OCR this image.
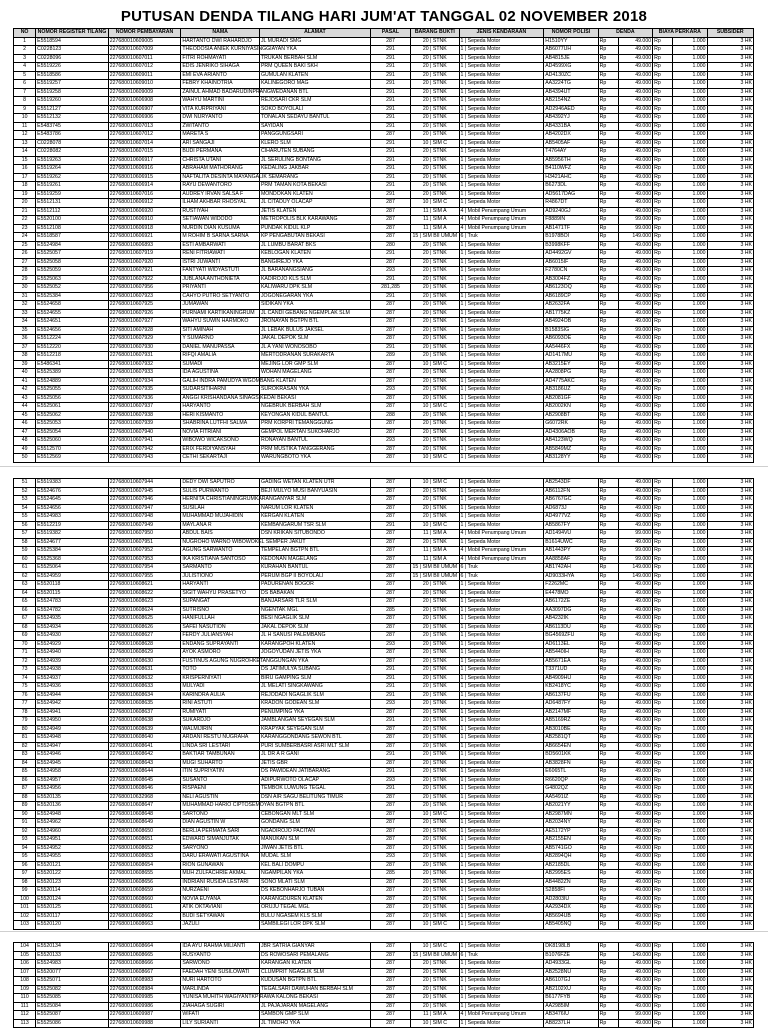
PUTUSAN DENDA TILANG HARI JUM'AT TANGGAL 02 NOVEMBER 2018
NO	NOMOR REGISTER TILANG	NOMOR PEMBAYARAN	NAMA	ALAMAT	PASAL	BARANG BUKTI	JENIS KENDARAAN	NOMOR POLISI	DENDA		BIAYA PERKARA		SUBSIDER
1	E5518594	227680010609005	HARTANTO DWI RAHARDJO	JL MURADI SMG	287	20 | STNK	1 | Sepeda Motor	H1510YY	Rp	49.000	Rp	1.000	3 HK
2	C0228123	227680010607009	THEODOSIA ANIEK KURNIYASINGGIAYAN YKA		291	20 | STNK	1 | Sepeda Motor	AB6077UH	Rp	49.000	Rp	1.000	3 HK
3	C0228096	227680010607011	FITRI ROHMAYATI	TRUKAN BERBAH SLM	291	20 | STNK	1 | Sepeda Motor	AB4815JE	Rp	49.000	Rp	1.000	3 HK
4	E5519226	227680010607012	EDIS JENRIKO SIHAGA	PRM QUEEN BAKI SKH	291	20 | STNK	1 | Sepeda Motor	AD4599XG	Rp	49.000	Rp	1.000	3 HK
5	E5518586	227680010609011	EMI EVA ARIANTO	GUMULAN KLATEN	291	20 | STNK	1 | Sepeda Motor	AD4130ZC	Rp	49.000	Rp	1.000	3 HK
6	E5519257	227680010609010	FEBRY KHAINOTRIA	KALINEGORO MAG	291	20 | STNK	1 | Sepeda Motor	AA3224TG	Rp	49.000	Rp	1.000	3 HK
7	E5519258	227680010609009	ZAINUL AHMAD BADARUDINPRANGWEDANAN BTL		291	20 | STNK	1 | Sepeda Motor	AB4394UT	Rp	49.000	Rp	1.000	3 HK
8	E5519260	227680010606908	WAHYU MARTINI	REJOSARI CKR SLM	291	20 | STNK	1 | Sepeda Motor	AB2154NZ	Rp	49.000	Rp	1.000	3 HK
9	E5512127	227680010606907	VITA KURPRIYANI	SOKO BOYOLALI	291	20 | STNK	1 | Sepeda Motor	AD2946AED	Rp	49.000	Rp	1.000	3 HK
10	E5512132	227680010606906	DWI NURYANTO	TONALAN SEDAYU BANTUL	291	20 | STNK	1 | Sepeda Motor	AB4392YJ	Rp	49.000	Rp	1.000	3 HK
11	E5483745	227680010607013	ZWITANTO	SAYIDAN	291	20 | STNK	1 | Sepeda Motor	AB4331BA	Rp	49.000	Rp	1.000	3 HK
12	E5483786	227680010607012	MARETA S	PANGGUNGSARI	287	20 | STNK	1 | Sepeda Motor	AB4202DX	Rp	49.000	Rp	1.000	3 HK
13	C0228078	227680010607014	ARI SANGAJI	KLERO SLM	291	10 | SIM C	1 | Sepeda Motor	AB5405AF	Rp	49.000	Rp	1.000	3 HK
14	C0228082	227680010607015	BUDI PERMANA	CIHARUTEN SUBANG	291	20 | STNK	1 | Sepeda Motor	T4764AY	Rp	49.000	Rp	1.000	3 HK
15	E5519263	227680010606917	CHRISTA UTANI	JL SERULING BONTANG	291	20 | STNK	1 | Sepeda Motor	AB5956TH	Rp	49.000	Rp	1.000	3 HK
16	E5519264	227680010606916	ABRAHAM MATHORANG	KEDALING JAKBAR	291	20 | STNK	1 | Sepeda Motor	B4110WFZ	Rp	49.000	Rp	1.000	3 HK
17	E5519262	227680010606915	NAFTALITA DESINTA MAYANGALIK SEMARANG		291	20 | STNK	1 | Sepeda Motor	H3421AHC	Rp	49.000	Rp	1.000	3 HK
18	E5519261	227680010606914	RAYU DEWANTORO	PRM TAMAN KOTA BEKASI	291	20 | STNK	1 | Sepeda Motor	B6273DL	Rp	49.000	Rp	1.000	3 HK
19	E5519259	227680010607016	AUDREY IRVAN SALSA F	MONDOKAN KLATEN	291	20 | STNK	1 | Sepeda Motor	AD5617DAG	Rp	49.000	Rp	1.000	3 HK
20	E5512131	227680010606912	ILHAM AKHBAR RHOSYAL	JL CITADUY OLACAP	287	10 | SIM C	1 | Sepeda Motor	R4867DT	Rp	49.000	Rp	1.000	3 HK
21	E5512112	227680010606920	RUSTIYAH	JETIS KLATEN	287	11 | SIM A	4 | Mobil Penumpang Umum	AD9240GJ	Rp	49.000	Rp	1.000	3 HK
22	E5520100	227680010606910	SETIAWAN WIDODO	METROPOLIS BLK KARAWANG	287	11 | SIM A	4 | Mobil Penumpang Umum	F8889IN	Rp	99.000	Rp	1.000	3 HK
23	E5512108	227680010606918	NURDIN DIAN KUSUMA	PUNDAK KIDUL KLP	287	11 | SIM A	4 | Mobil Penumpang Umum	AB1471TF	Rp	99.000	Rp	1.000	3 HK
24	E5518587	227680010606921	M ROHIM B SARNA SARNA	KP PENGABUTAN BEKASI	287	15 | SIM BII UMUM	6 | Truk	B1978BOI	Rp	149.000	Rp	1.000	3 HK
25	E5524984	227680010606893	ESTI AMBARWATI	JL LUMBU BARAT BKS	280	20 | STNK	1 | Sepeda Motor	B3998KFF	Rp	49.000	Rp	1.000	3 HK
26	E5525057	227680010607919	RENI FITRIAWATI	KEBLOGAN KLATEN	291	20 | STNK	1 | Sepeda Motor	AD4492GV	Rp	49.000	Rp	1.000	3 HK
27	E5525058	227680010607920	ISTRI JUWANTI	BANGIREJO YKA	287	20 | STNK	1 | Sepeda Motor	AB6015IF	Rp	49.000	Rp	1.000	3 HK
28	E5525059	227680010607921	FANTYATI WIDYASTUTI	JL BARANANGSIANG	293	20 | STNK	1 | Sepeda Motor	F2780CN	Rp	49.000	Rp	1.000	3 HK
29	E5525063	227680010607922	JUBLANA ANTHONIETA	KADIROJO KLS SLM	291	20 | STNK	1 | Sepeda Motor	AB3004FZ	Rp	49.000	Rp	1.000	3 HK
30	E5525052	227680010607956	PRIYANTI	KALIWARU DPK SLM	281,285	20 | STNK	1 | Sepeda Motor	AB6123OQ	Rp	49.000	Rp	1.000	3 HK
31	E5525384	227680010607923	CAHYO PUTRO SETYANTO	JOGONEGARAN YKA	291	20 | STNK	1 | Sepeda Motor	AB6189CP	Rp	49.000	Rp	1.000	3 HK
32	E5524658	227680010607925	JUMAWAN	SIDIKAN YKA	287	20 | STNK	1 | Sepeda Motor	AB2632FA	Rp	49.000	Rp	1.000	3 HK
33	E5524655	227680010607926	PURNAMI KARTIKANINGRUM	JL CANDI GEBANG NGEMPLAK SLM	287	20 | STNK	1 | Sepeda Motor	AB1775KZ	Rp	49.000	Rp	1.000	3 HK
34	E5524651	227680010607927	WAHYU SUWIN HARMOKO	JRONAYAN BGTPN BTL	287	20 | STNK	1 | Sepeda Motor	AB4924OB	Rp	49.000	Rp	1.000	3 HK
35	E5524656	227680010607928	SITI AMINAH	JL LEBAK BULUS JAKSEL	287	20 | STNK	1 | Sepeda Motor	B1583SIG	Rp	99.000	Rp	1.000	3 HK
36	E5512224	227680010607929	Y SUMARNO	JAKAL DEPOK SLM	287	20 | STNK	1 | Sepeda Motor	AB6093OE	Rp	49.000	Rp	1.000	3 HK
37	E5512220	227680010607930	DANIEL MANUPASSA	JL A YANI WONOSOBO	291	20 | STNK	1 | Sepeda Motor	AA5446FX	Rp	49.000	Rp	1.000	3 HK
38	E5512218	227680010607931	RIFQI AMALIA	MERTODRANAN SURAKARTA	289	20 | STNK	1 | Sepeda Motor	AD1417MU	Rp	49.000	Rp	1.000	3 HK
39	E5486341	227680010607932	SUMADI	MEJING LOR GMP SLM	287	10 | SIM C	1 | Sepeda Motor	AB3215EY	Rp	49.000	Rp	1.000	3 HK
40	E5525389	227680010607933	IDA AGUSTINA	WOHAN MAGELANG	287	20 | STNK	1 | Sepeda Motor	AA2808PG	Rp	49.000	Rp	1.000	3 HK
41	E5524889	227680010607934	GALIH INDRA PAMUDYA WGOMBANG KLATEN		287	20 | STNK	1 | Sepeda Motor	AD4775AKC	Rp	49.000	Rp	1.000	3 HK
42	E5525055	227680010607935	SUDARSITIHARNI	SUROKRASAN YKA	293	20 | STNK	1 | Sepeda Motor	AB3186UZ	Rp	49.000	Rp	1.000	3 HK
43	E5525056	227680010607936	ANGGI KRISHANDANA SINAGS KEDAI BEKASI		287	20 | STNK	1 | Sepeda Motor	AB2081GF	Rp	49.000	Rp	1.000	3 HK
44	E5525061	227680010607937	HARYANTO	NGEBRUK BERBAH SLM	287	10 | SIM C	1 | Sepeda Motor	AB2002KN	Rp	49.000	Rp	1.000	3 HK
45	E5525062	227680010607938	HERI KISMANTO	KEYONGAN KIDUL BANTUL	288	20 | STNK	1 | Sepeda Motor	AB2908BT	Rp	49.000	Rp	1.000	3 HK
46	E5525053	227680010607939	SHABRINA LUTFHI SALMA	PRM KORPRI TEMANGGUNG	287	20 | STNK	1 | Sepeda Motor	G6072RK	Rp	49.000	Rp	1.000	3 HK
47	E5525054	227680010607940	NOVIA FITRIANI	GEMPOL MERTAN SUKOHARJO	287	20 | STNK	1 | Sepeda Motor	AD4306AOB	Rp	49.000	Rp	1.000	3 HK
48	E5525060	227680010607941	WIBOWO WICAKSONO	RONAYAN BANTUL	293	20 | STNK	1 | Sepeda Motor	AB4123WQ	Rp	49.000	Rp	1.000	3 HK
49	E5512570	227680010607942	ERIX FERDIYANSYAH	PRM MUSTIKA TANGGERANG	287	20 | STNK	1 | Sepeda Motor	AB5849MZ	Rp	49.000	Rp	1.000	3 HK
50	E5512569	227680010607943	CETHI SEKARTAJI	WARUNGBOTO YKA	287	10 | SIM C	1 | Sepeda Motor	AB3128YY	Rp	49.000	Rp	1.000	3 HK
51	E5519383	227680010607944	DEDY DWI SAPUTRO	GADING WETAN KLATEN UTR	287	10 | SIM C	1 | Sepeda Motor	AB2543DF	Rp	49.000	Rp	1.000	3 HK
52	E5524676	227680010607945	SULIS PURWANTO	BEJI MULYO MUSI BANYUASIN	287	20 | STNK	1 | Sepeda Motor	AB6112FN	Rp	49.000	Rp	1.000	3 HK
53	E5524645	227680010607946	HERNITA CHRISTIANINGRUMKARANGANYAR SLM		287	20 | STNK	1 | Sepeda Motor	AB6767GC	Rp	49.000	Rp	1.000	3 HK
54	E5524656	227680010607947	SUSILAH	NARUM LOR KLATEN	287	20 | STNK	1 | Sepeda Motor	AD6873J	Rp	49.000	Rp	1.000	3 HK
55	E5524983	227680010607948	MUHAMMAD MUJAHIDIN	KERGAN KLATEN	287	20 | STNK	1 | Sepeda Motor	AD4977VZ	Rp	49.000	Rp	1.000	3 HK
56	E5512219	227680010607949	MAYLANA R	KEMBANGARUM TSR SLM	291	10 | SIM C	1 | Sepeda Motor	AB5867FY	Rp	49.000	Rp	1.000	3 HK
57	E5519382	227680010607950	ABDUL BAIS	DSN KRIKAN SITUBONDO	287	11 | SIM A	4 | Mobil Penumpang Umum	AD1494VU	Rp	99.000	Rp	1.000	3 HK
58	E5524677	227680010607951	NUGROHO WARNO WIBOWOKEL SEMPER JAKUT		287	20 | STNK	1 | Sepeda Motor	B1614UWC	Rp	49.000	Rp	1.000	3 HK
59	E5525384	227680010607952	AGUNG SARWANTO	TEMPELAN BGTPN BTL	287	11 | SIM A	4 | Mobil Penumpang Umum	AB1443PY	Rp	99.000	Rp	1.000	3 HK
60	E5525368	227680010607953	IKA KRISTIANA SANTOSO	KEDONAN MAGELANG	287	11 | SIM A	4 | Mobil Penumpang Umum	AA8858AF	Rp	99.000	Rp	1.000	3 HK
61	E5525064	227680010607954	SARMANTO	KURAHAN BANTUL	287	15 | SIM BII UMUM	6 | Truk	AB1742AH	Rp	149.000	Rp	1.000	3 HK
62	E5524959	227680010607955	JULISTIONO	PERUM BGP II BOYOLALI	287	15 | SIM BII UMUM	6 | Truk	AD9033HYA	Rp	149.000	Rp	1.000	3 HK
63	E5520118	227680010608621	HARYANTI	PADURENAN BOGOR	287	20 | STNK	1 | Sepeda Motor	F2262MC	Rp	49.000	Rp	1.000	3 HK
64	E5520115	227680010608622	SIGIT WAHYU PRASETYO	DS BABAKAN	287	20 | STNK	1 | Sepeda Motor	E4478MO	Rp	49.000	Rp	1.000	3 HK
65	E5524783	227680010608623	SUPANGAT	BANJARSARI TLR SLM	287	20 | STNK	1 | Sepeda Motor	AB6172ZE	Rp	49.000	Rp	1.000	3 HK
66	E5524782	227680010608624	SUTRISNO	NGENTAK MGL	285	20 | STNK	1 | Sepeda Motor	AA3097DG	Rp	49.000	Rp	1.000	3 HK
67	E5524935	227680010608625	HANIFULLAH	BESI NGAGLIK SLM	287	20 | STNK	1 | Sepeda Motor	AB4232IK	Rp	49.000	Rp	1.000	3 HK
68	E5524934	227680010608626	SAFEI NASUTION	JAKAL DEPOK SLM	287	20 | STNK	1 | Sepeda Motor	AB6113DU	Rp	49.000	Rp	1.000	3 HK
69	E5524930	227680010608627	FERDY JULIANSYAH	JL H SANUSI PALEMBANG	287	20 | STNK	1 | Sepeda Motor	BG4569ZFU	Rp	49.000	Rp	1.000	3 HK
70	E5524929	227680010608628	ENDANG SUPRAYANTI	KARANGPOH KLATEN	293	20 | STNK	1 | Sepeda Motor	AD6113EL	Rp	49.000	Rp	1.000	3 HK
71	E5524940	227680010608629	AYOK ASMORO	JOGOYUDAN JETIS YKA	287	20 | STNK	1 | Sepeda Motor	AB5440IH	Rp	49.000	Rp	1.000	3 HK
72	E5524939	227680010608630	FUSTINUS AGUNG NUGROHKETANGGUNGAN YKA		287	20 | STNK	1 | Sepeda Motor	AB5671EA	Rp	49.000	Rp	1.000	3 HK
73	E5524938	227680010608631	TOTO	DS JATIMULYA SUBANG	291	20 | STNK	1 | Sepeda Motor	T3371UD	Rp	49.000	Rp	1.000	3 HK
74	E5524937	227680010608632	KRISPERNIYATI	BIRU GAMPING SLM	291	20 | STNK	1 | Sepeda Motor	AB4909HU	Rp	49.000	Rp	1.000	3 HK
75	E5524936	227680010608633	MULYADI	JL MELATI SINGKAWANG	291	20 | STNK	1 | Sepeda Motor	KB2418YC	Rp	49.000	Rp	1.000	3 HK
76	E5524944	227680010608634	KARINDRA AULIA	REJODADI NGAGLIK SLM	291	20 | STNK	1 | Sepeda Motor	AB6137FU	Rp	49.000	Rp	1.000	3 HK
77	E5524942	227680010608635	RINI ASTUTI	KRADON GODEAN SLM	293	20 | STNK	1 | Sepeda Motor	AD6487FY	Rp	49.000	Rp	1.000	3 HK
78	E5524941	227680010608637	RUMIYATI	PENUMPING YKA	287	20 | STNK	1 | Sepeda Motor	AB2147MF	Rp	49.000	Rp	1.000	3 HK
79	E5524950	227680010608638	SUKARDJO	JAMBLANGAN SEYEGAN SLM	291	20 | STNK	1 | Sepeda Motor	AB5169RZ	Rp	49.000	Rp	1.000	3 HK
80	E5524949	227680010608639	WALMIJIRIN	KRAPYAK SEYEGAN SLM	287	20 | STNK	1 | Sepeda Motor	AB3010BE	Rp	49.000	Rp	1.000	3 HK
81	E5524948	227680010608640	ARDANI RESTU NUGRAHA	KARANGGONDANG SEWON BTL	287	20 | STNK	1 | Sepeda Motor	AB2581QT	Rp	49.000	Rp	1.000	3 HK
82	E5524947	227680010608641	LINDA SRI LESTARI	PURI SUMBERBASRI ASRI MLT SLM	287	20 | STNK	1 | Sepeda Motor	AB6654EN	Rp	49.000	Rp	1.000	3 HK
83	E5524946	227680010608642	BAKTIAR TAMBUNAN	JL DR A R GANI	291	20 | STNK	1 | Sepeda Motor	BD5601KK	Rp	49.000	Rp	1.000	3 HK
84	E5524945	227680010608643	MUGI SUHARTO	JETIS GBR	287	20 | STNK	1 | Sepeda Motor	AB3828FN	Rp	49.000	Rp	1.000	3 HK
85	E5524958	227680010608644	ITIN SUPRIYATIN	DS PAWIDEAN JATIBARANG	291	20 | STNK	1 | Sepeda Motor	E6065TL	Rp	49.000	Rp	1.000	3 HK
86	E5524957	227680010608645	SUSANTO	ADIPURWOTO OLACAP	293	20 | STNK	1 | Sepeda Motor	R6620QP	Rp	49.000	Rp	1.000	3 HK
87	E5524956	227680010608646	RISPAENI	TEMBOK LUWUNG TEGAL	291	20 | STNK	1 | Sepeda Motor	G4802QZ	Rp	49.000	Rp	1.000	3 HK
88	E5520135	227680010632968	NELI AGUSTIN	DSN AIR SAGU BELITUNG TIMUR	287	20 | STNK	1 | Sepeda Motor	AA5491IZ	Rp	49.000	Rp	1.000	3 HK
89	E5520136	227680010608647	MUHAMMAD HARIO CIPTOSEMOYAN BGTPN BTL		287	20 | STNK	1 | Sepeda Motor	AB2021YY	Rp	49.000	Rp	1.000	3 HK
90	E5524948	227680010608648	SARTONO	CEBONGAN MLT SLM	287	10 | SIM C	1 | Sepeda Motor	AB2987MN	Rp	49.000	Rp	1.000	3 HK
91	E5524962	227680010608649	DIAN AGUSTIN W	GONDANG SLM	287	20 | STNK	1 | Sepeda Motor	AB2034NY	Rp	49.000	Rp	1.000	3 HK
92	E5524960	227680010608650	BERLIA PERMATA SARI	NGADIROJO PACITAN	287	20 | STNK	1 | Sepeda Motor	AE5172YP	Rp	49.000	Rp	1.000	3 HK
93	E5524951	227680010608651	EDWARD SIMANJUTAK	MANUKAN SLM	287	20 | STNK	1 | Sepeda Motor	AB2155EN	Rp	49.000	Rp	1.000	3 HK
94	E5524952	227680010608652	SARYONO	JIWAN JETIS BTL	287	20 | STNK	1 | Sepeda Motor	AB5741GO	Rp	49.000	Rp	1.000	3 HK
95	E5524955	227680010608653	DARU ERAWATI AGUSTINA	MUDAL SLM	293	20 | STNK	1 | Sepeda Motor	AB2894QH	Rp	49.000	Rp	1.000	3 HK
96	E5520121	227680010608654	RION GUNAWAN	KEL BALI DOMPU	287	20 | STNK	1 | Sepeda Motor	AB2185DL	Rp	49.000	Rp	1.000	3 HK
97	E5520122	227680010608655	MUH ZULFACHRIE AKMAL	NGAMPILAN YKA	285	20 | STNK	1 | Sepeda Motor	AB2995ES	Rp	49.000	Rp	1.000	3 HK
98	E5520123	227680010608656	INDRIANI RUSIDA LESTARI	SONO MLATI SLM	287	20 | STNK	1 | Sepeda Motor	AB4482ZN	Rp	49.000	Rp	1.000	3 HK
99	E5520114	227680010608659	NURZAENI	DS KEBONHARJO TUBAN	287	20 | STNK	1 | Sepeda Motor	S2858FI	Rp	49.000	Rp	1.000	3 HK
100	E5520124	227680010608660	NOVIA EUYANA	KARANGDUREN KLATEN	287	20 | STNK	1 | Sepeda Motor	AD2803IU	Rp	49.000	Rp	1.000	3 HK
101	E5520125	227680010608661	ATIK OKTAVIANI	ORUJU TEGAL MGL	287	20 | STNK	1 | Sepeda Motor	AA2934DX	Rp	49.000	Rp	1.000	3 HK
102	E5520117	227680010608662	BUDI SETYAWAN	BULU NGASEM KLS SLM	287	20 | STNK	1 | Sepeda Motor	AB5694UB	Rp	49.000	Rp	1.000	3 HK
103	E5520120	227680010608663	JAZULI	SAMBILEGI LOR DPK SLM	287	10 | SIM C	1 | Sepeda Motor	AB5405NQ	Rp	49.000	Rp	1.000	3 HK
104	E5520134	227680010608664	IDA AYU RAHMA MILIANTI	JBR SATRIA GIANYAR	287	10 | SIM C	1 | Sepeda Motor	DK8198LB	Rp	49.000	Rp	1.000	3 HK
105	E5520133	227680010608665	RUSYANTO	DS ROWOSARI PEMALANG	287	15 | SIM BII UMUM	6 | Truk	B1076FZE	Rp	149.000	Rp	1.000	3 HK
106	E5524983	227680010608666	SARWONO	KARANGAN KLATEN	287	20 | STNK	1 | Sepeda Motor	AD4933GL	Rp	49.000	Rp	1.000	3 HK
107	E5520077	227680010608667	FAEDAH YENI SUSILOWATI	CLUMPRIT NGAGLIK SLM	287	20 | STNK	1 | Sepeda Motor	AB2528NU	Rp	49.000	Rp	1.000	3 HK
108	E5525071	227680010608983	NURI HARTOTO	KUDUSAN BGTPN BTL	287	20 | STNK	1 | Sepeda Motor	AB6107GJ	Rp	49.000	Rp	1.000	3 HK
109	E5525082	227680010608984	MARLINDA	TEGALSARI DAWUHAN BERBAH SLM	287	20 | STNK	1 | Sepeda Motor	AB2102XU	Rp	49.000	Rp	1.000	3 HK
110	E5525085	227680010609985	YUNISA MUHITH WAGIYANTKP RAWA KALONG BEKASI		287	20 | STNK	1 | Sepeda Motor	B6177FYB	Rp	49.000	Rp	1.000	3 HK
111	E5525084	227680010609986	ZIAHAGA SUGIRI	JL PAJAJARAN MAGELANG	287	20 | STNK	1 | Sepeda Motor	AA2985IM	Rp	49.000	Rp	1.000	3 HK
112	E5525087	227680010609987	WIFATI	SAMBON GMP SLM	287	11 | SIM A	4 | Mobil Penumpang Umum	AB3476IU	Rp	99.000	Rp	1.000	3 HK
113	E5525086	227680010609988	LILY SURIANTI	JL TIMOHO YKA	287	10 | SIM C	1 | Sepeda Motor	AB8237LH	Rp	49.000	Rp	1.000	3 HK
